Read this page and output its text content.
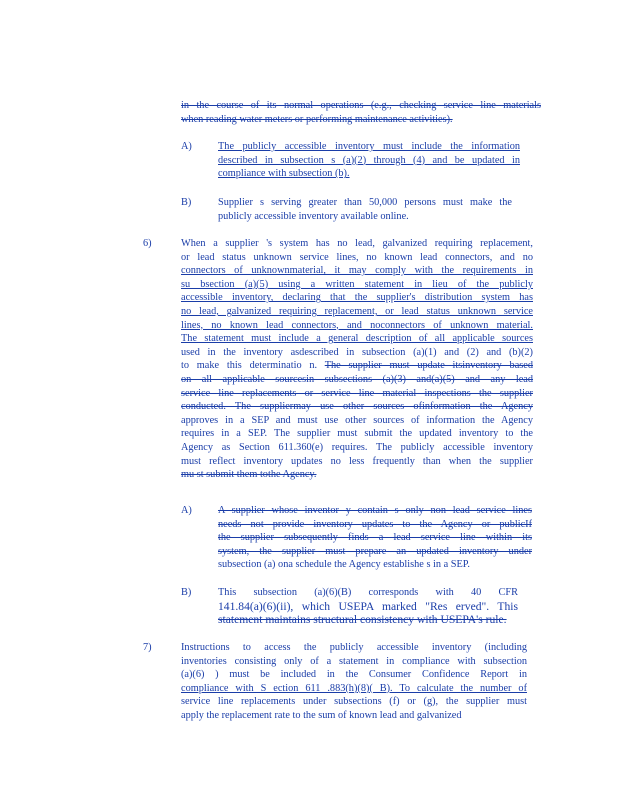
in the course of its normal operations (e.g., checking service line materials
when reading water meters or performing maintenance activities).
A)	The publicly accessible inventory must include the information
described in subsection s (a)(2) through (4) and be updated in
compliance with subsection (b).
B)	Supplier s serving greater than 50,000 persons must make the
publicly accessible inventory available online.
6)	When a supplier 's system has no lead, galvanized requiring replacement,
or lead status unknown service lines, no known lead connectors, and no
connectors of unknownmaterial, it may comply with the requirements in
su bsection (a)(5) using a written statement in lieu of the publicly
accessible inventory, declaring that the supplier's distribution system has
no lead, galvanized requiring replacement, or lead status unknown service
lines, no known lead connectors, and noconnectors of unknown material.
The statement must include a general description of all applicable sources
used in the inventory asdescribed in subsection (a)(1) and (2) and (b)(2)
to make this determinatio n. The supplier must update itsinventory based
on all applicable sourcesin subsections (a)(3) and(a)(5) and any lead
service line replacements or service line material inspections the supplier
conducted. The suppliermay use other sources ofinformation the Agency
approves in a SEP and must use other sources of information the Agency
requires in a SEP. The supplier must submit the updated inventory to the
Agency as Section 611.360(e) requires. The publicly accessible inventory
must reflect inventory updates no less frequently than when the supplier
mu st submit them tothe Agency.
A)	A supplier whose inventor y contain s only non lead service lines
needs not provide inventory updates to the Agency or publicIf
the supplier subsequently finds a lead service line within its
system, the supplier must prepare an updated inventory under
subsection (a) ona schedule the Agency establishe s in a SEP.
B)	This subsection (a)(6)(B) corresponds with 40 CFR
141.84(a)(6)(ii), which USEPA marked "Res erved". This
statement maintains structural consistency with USEPA's rule.
7)	Instructions to access the publicly accessible inventory (including
inventories consisting only of a statement in compliance with subsection
(a)(6) ) must be included in the Consumer Confidence Report in
compliance with S ection 611 .883(h)(8)( B). To calculate the number of
service line replacements under subsections (f) or (g), the supplier must
apply the replacement rate to the sum of known lead and galvanized
